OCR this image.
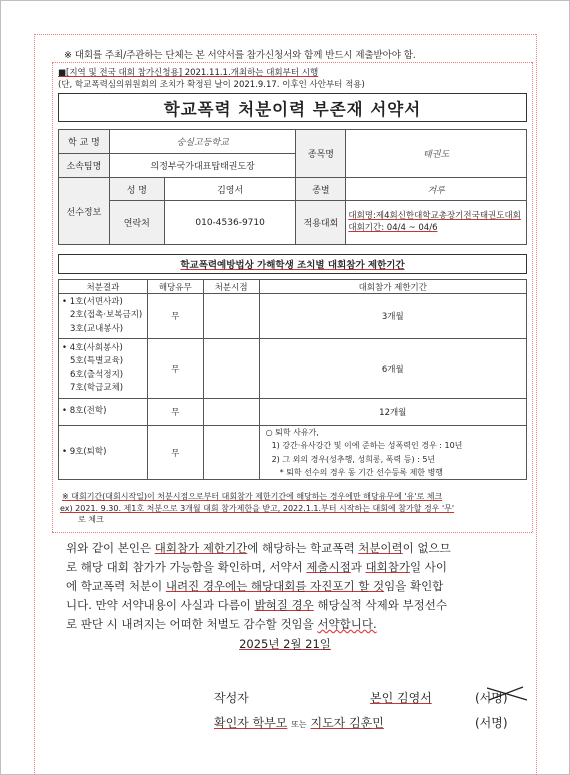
※ 대회를 주최/주관하는 단체는 본 서약서를 참가신청서와 함께 반드시 제출받아야 함.
■[지역 및 전국 대회 참가신청용] 2021.11.1.개최하는 대회부터 시행
(단, 학교폭력심의위원회의 조치가 확정된 날이 2021.9.17. 이후인 사안부터 적용)
학교폭력 처분이력 부존재 서약서
학 교 명	숭실고등학교		종목명	태권도
소속팀명	의정부국가대표탑태권도장			
선수정보	성 명	김영서	종별	겨루
	연락처	010-4536-9710	적용대회	대회명:제4회신한대학교총장기전국태권도대회
대회기간: 04/4 ~ 04/6
학교폭력예방법상 가해학생 조치별 대회참가 제한기간
처분결과	해당유무	처분시점	대회참가 제한기간

• 1호(서면사과)
2호(접촉·보복금지)
3호(교내봉사)	무		3개월

• 4호(사회봉사)
5호(특별교육)
6호(출석정지)
7호(학급교체)	무		6개월

• 8호(전학)	무		12개월

• 9호(퇴학)	무		○ 퇴학 사유가,
1) 강간·유사강간 및 이에 준하는 성폭력인 경우 : 10년
2) 그 외의 경우(성추행, 성희롱, 폭력 등) : 5년
* 퇴학 선수의 경우 동 기간 선수등록 제한 병행
※ 대회기간(대회시작일)이 처분시점으로부터 대회참가 제한기간에 해당하는 경우에만 해당유무에 '유'로 체크
ex) 2021. 9.30. 제1호 처분으로 3개월 대회 참가제한을 받고, 2022.1.1.부터 시작하는 대회에 참가할 경우 '무'
로 체크
위와 같이 본인은 대회참가 제한기간에 해당하는 학교폭력 처분이력이 없으므
로 해당 대회 참가가 가능함을 확인하며, 서약서 제출시점과 대회참가일 사이
에 학교폭력 처분이 내려진 경우에는 해당대회를 자진포기 할 것임을 확인합
니다. 만약 서약내용이 사실과 다름이 밝혀질 경우 해당실적 삭제와 부정선수
로 판단 시 내려지는 어떠한 처벌도 감수할 것임을 서약합니다.
2025년 2월 21일
작성자	본인 김영서	(서명)
확인자 학부모 또는 지도자 김훈민	(서명)
